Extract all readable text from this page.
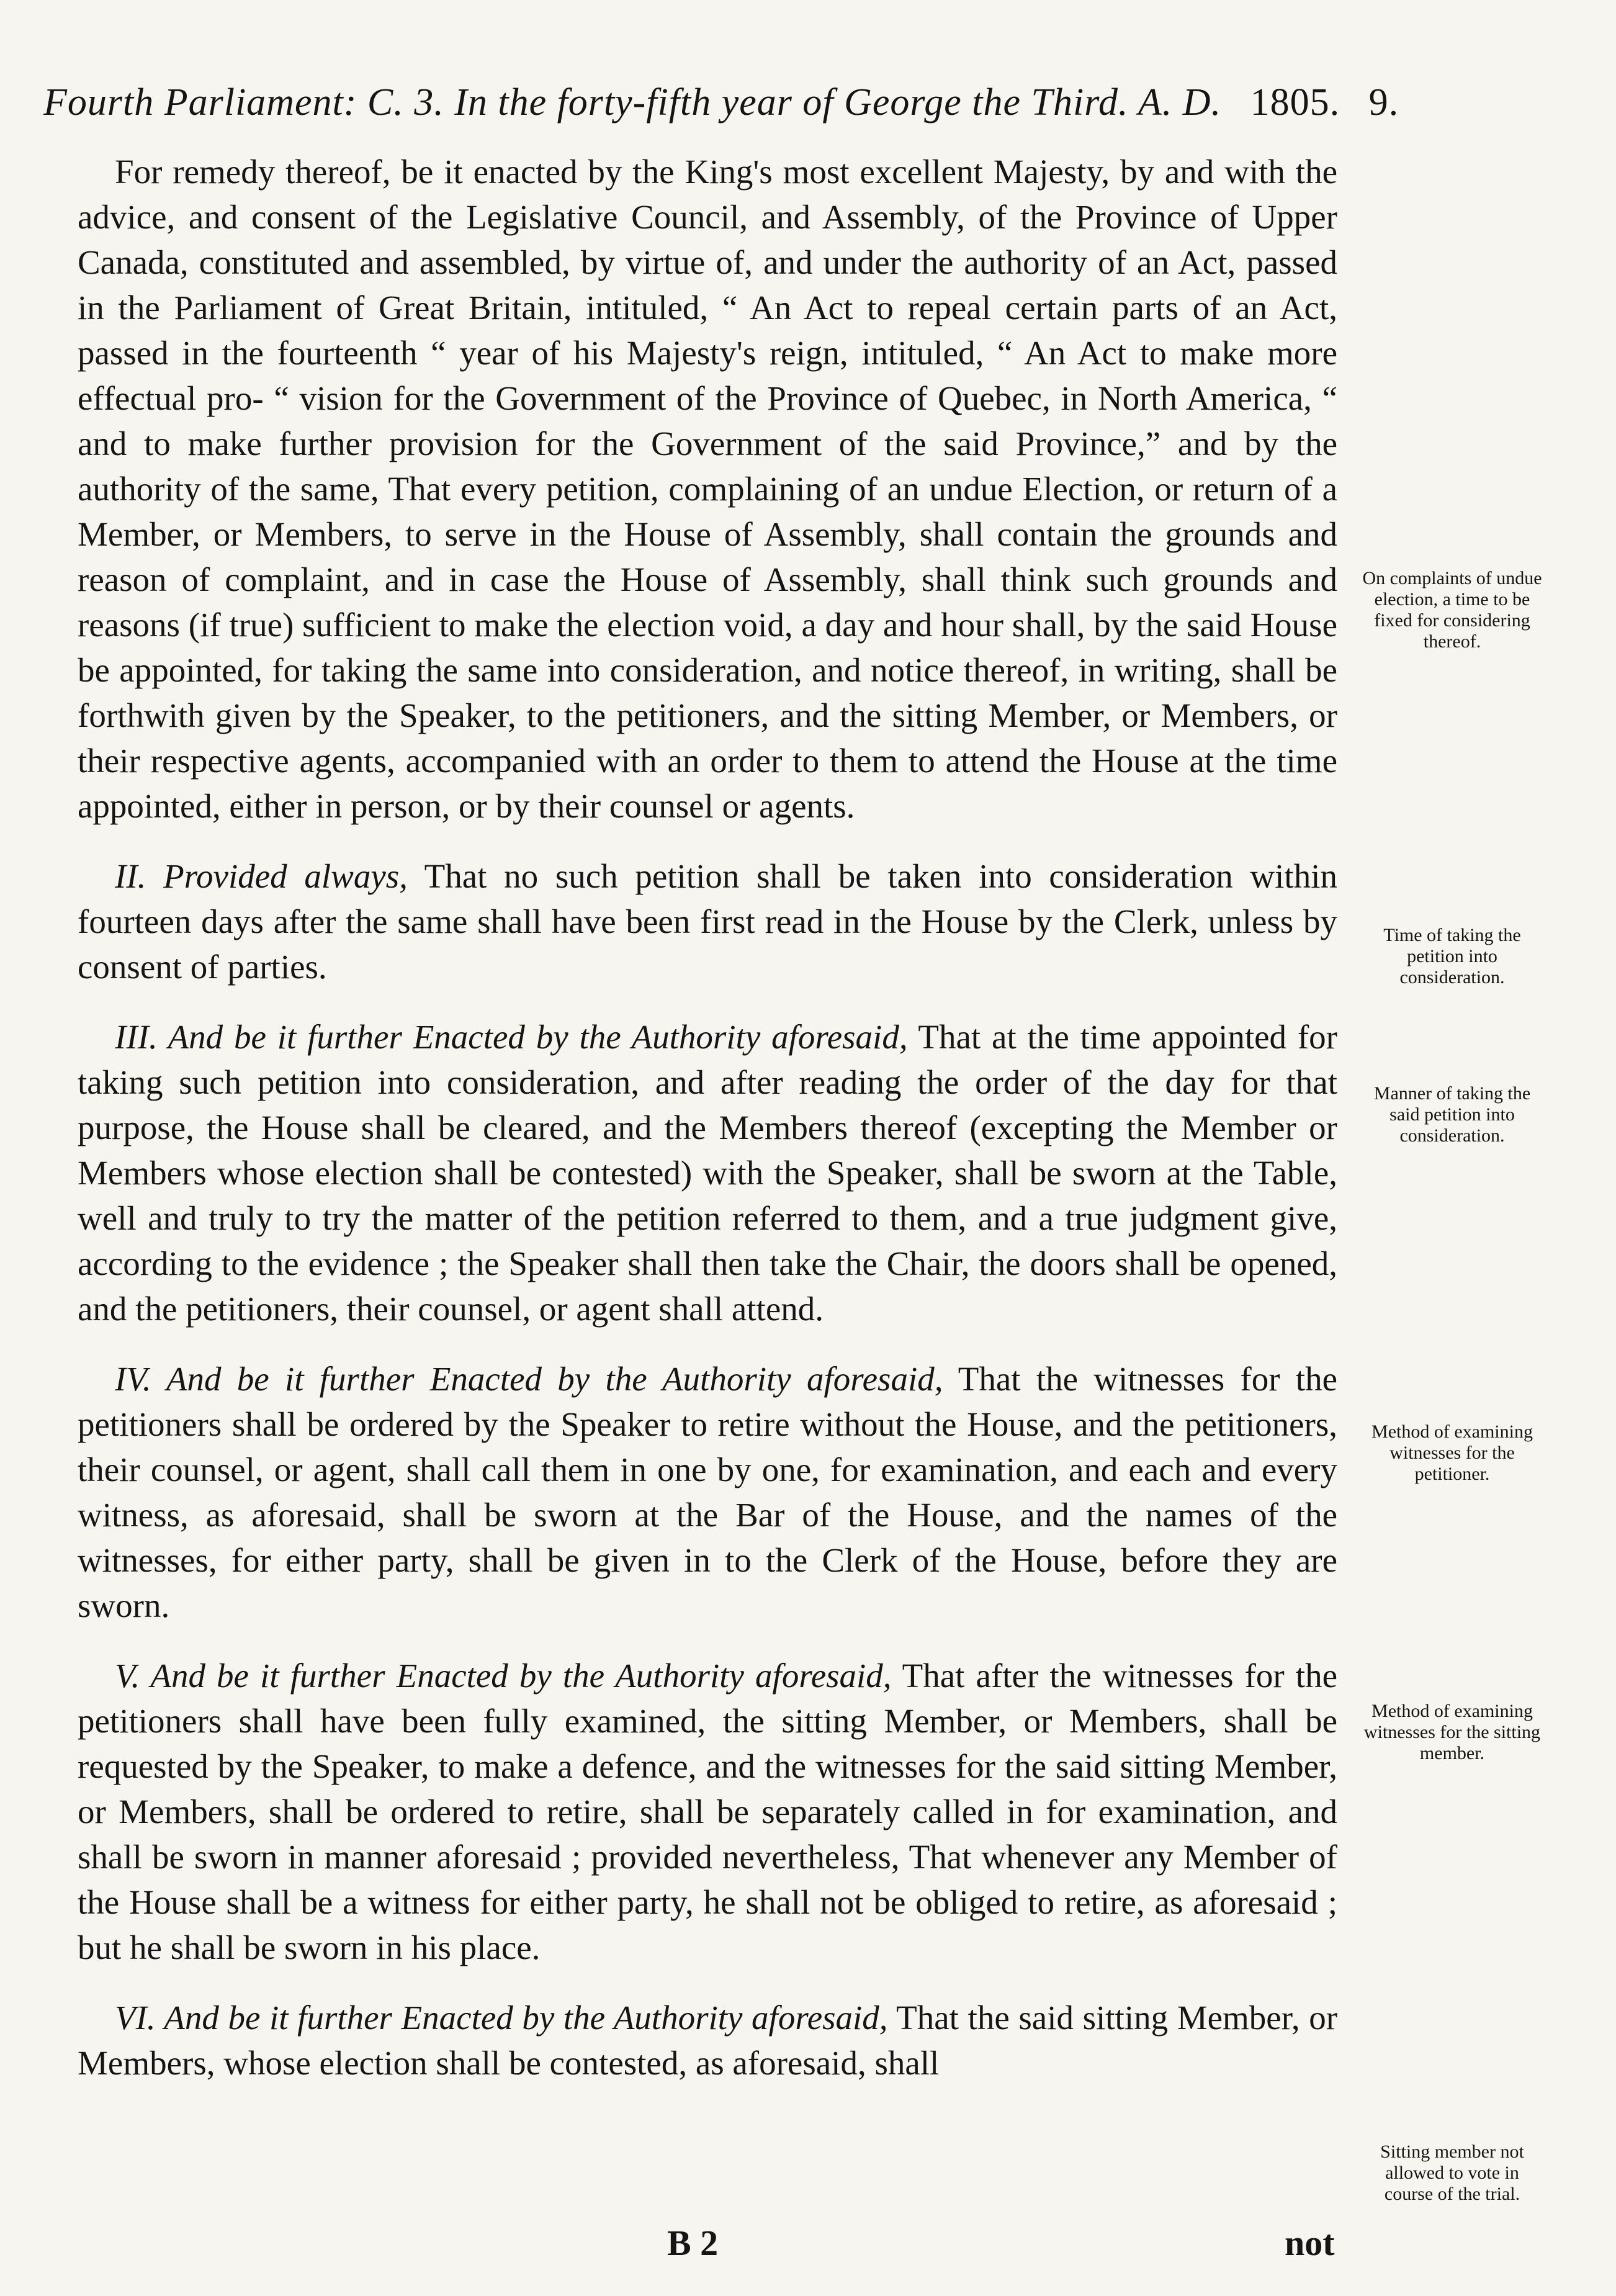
Fourth Parliament: C. 3. In the forty-fifth year of George the Third. A. D. 1805. 9.

For remedy thereof, be it enacted by the King's most excellent Majesty, by and with the advice, and consent of the Legislative Council, and Assembly, of the Province of Upper Canada, constituted and assembled, by virtue of, and under the authority of an Act, passed in the Parliament of Great Britain, intituled, “ An Act to repeal certain parts of an Act, passed in the fourteenth “ year of his Majesty's reign, intituled, “ An Act to make more effectual pro- “ vision for the Government of the Province of Quebec, in North America, “ and to make further provision for the Government of the said Province,” and by the authority of the same, That every petition, complaining of an undue Election, or return of a Member, or Members, to serve in the House of Assembly, shall contain the grounds and reason of complaint, and in case the House of Assembly, shall think such grounds and reasons (if true) sufficient to make the election void, a day and hour shall, by the said House be appointed, for taking the same into consideration, and notice thereof, in writing, shall be forthwith given by the Speaker, to the petitioners, and the sitting Member, or Members, or their respective agents, accompanied with an order to them to attend the House at the time appointed, either in person, or by their counsel or agents.

II. Provided always, That no such petition shall be taken into consideration within fourteen days after the same shall have been first read in the House by the Clerk, unless by consent of parties.

III. And be it further Enacted by the Authority aforesaid, That at the time appointed for taking such petition into consideration, and after reading the order of the day for that purpose, the House shall be cleared, and the Members thereof (excepting the Member or Members whose election shall be contested) with the Speaker, shall be sworn at the Table, well and truly to try the matter of the petition referred to them, and a true judgment give, according to the evidence ; the Speaker shall then take the Chair, the doors shall be opened, and the petitioners, their counsel, or agent shall attend.

IV. And be it further Enacted by the Authority aforesaid, That the witnesses for the petitioners shall be ordered by the Speaker to retire without the House, and the petitioners, their counsel, or agent, shall call them in one by one, for examination, and each and every witness, as aforesaid, shall be sworn at the Bar of the House, and the names of the witnesses, for either party, shall be given in to the Clerk of the House, before they are sworn.

V. And be it further Enacted by the Authority aforesaid, That after the witnesses for the petitioners shall have been fully examined, the sitting Member, or Members, shall be requested by the Speaker, to make a defence, and the witnesses for the said sitting Member, or Members, shall be ordered to retire, shall be separately called in for examination, and shall be sworn in manner aforesaid ; provided nevertheless, That whenever any Member of the House shall be a witness for either party, he shall not be obliged to retire, as aforesaid ; but he shall be sworn in his place.

VI. And be it further Enacted by the Authority aforesaid, That the said sitting Member, or Members, whose election shall be contested, as aforesaid, shall

On complaints of undue election, a time to be fixed for considering thereof.
Time of taking the petition into consideration.
Manner of taking the said petition into consideration.
Method of examining witnesses for the petitioner.
Method of examining witnesses for the sitting member.
Sitting member not allowed to vote in course of the trial.
B 2	not
